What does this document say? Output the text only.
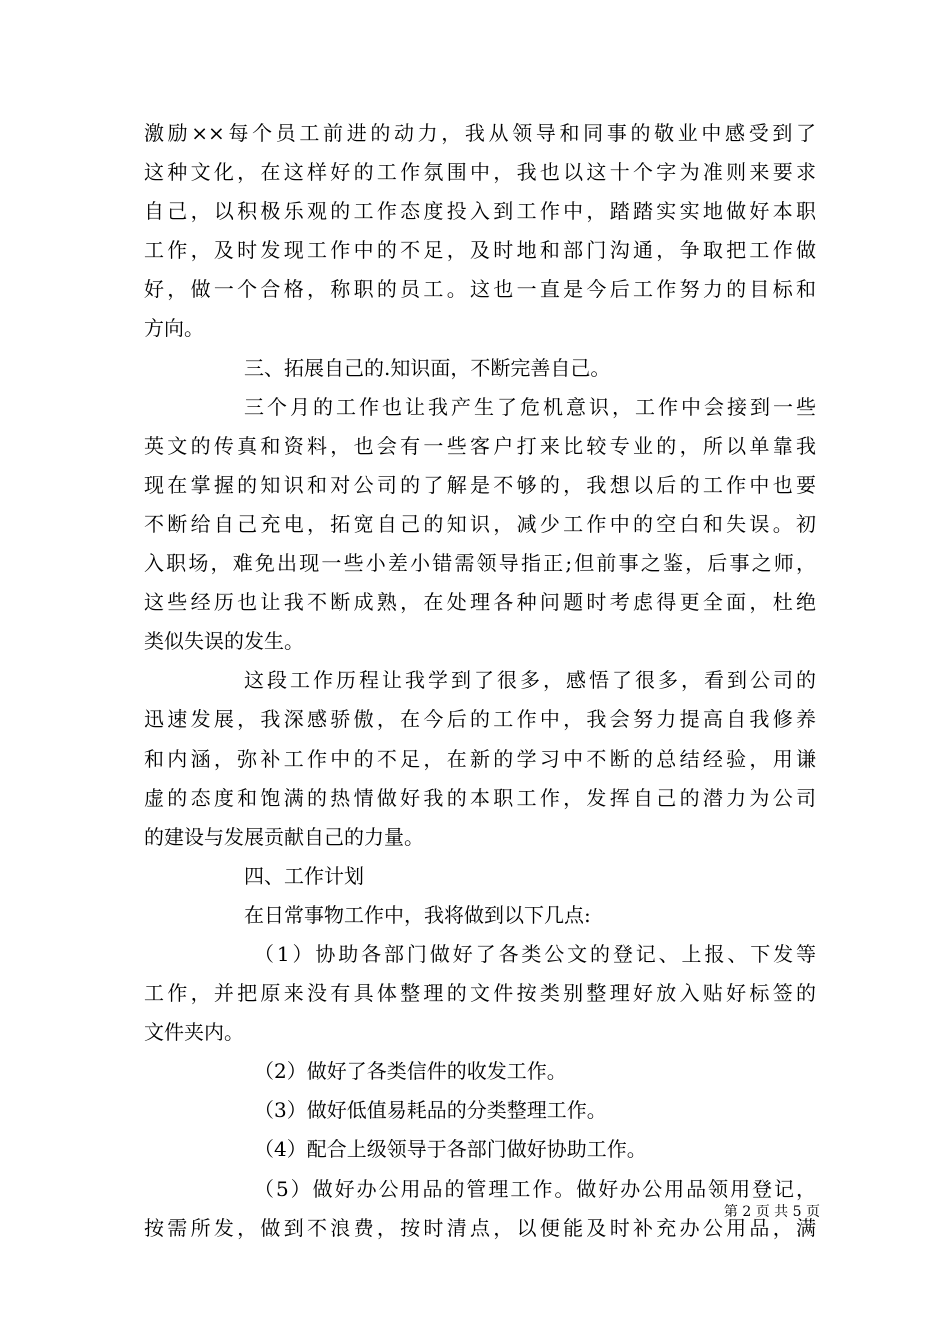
激励××每个员工前进的动力，我从领导和同事的敬业中感受到了
这种文化，在这样好的工作氛围中，我也以这十个字为准则来要求
自己，以积极乐观的工作态度投入到工作中，踏踏实实地做好本职
工作，及时发现工作中的不足，及时地和部门沟通，争取把工作做
好，做一个合格，称职的员工。这也一直是今后工作努力的目标和
方向。
三、拓展自己的.知识面，不断完善自己。
三个月的工作也让我产生了危机意识，工作中会接到一些
英文的传真和资料，也会有一些客户打来比较专业的，所以单靠我
现在掌握的知识和对公司的了解是不够的，我想以后的工作中也要
不断给自己充电，拓宽自己的知识，减少工作中的空白和失误。初
入职场，难免出现一些小差小错需领导指正;但前事之鉴，后事之师，
这些经历也让我不断成熟，在处理各种问题时考虑得更全面，杜绝
类似失误的发生。
这段工作历程让我学到了很多，感悟了很多，看到公司的
迅速发展，我深感骄傲，在今后的工作中，我会努力提高自我修养
和内涵，弥补工作中的不足，在新的学习中不断的总结经验，用谦
虚的态度和饱满的热情做好我的本职工作，发挥自己的潜力为公司
的建设与发展贡献自己的力量。
四、工作计划
在日常事物工作中，我将做到以下几点:
（1）协助各部门做好了各类公文的登记、上报、下发等
工作，并把原来没有具体整理的文件按类别整理好放入贴好标签的
文件夹内。
（2）做好了各类信件的收发工作。
（3）做好低值易耗品的分类整理工作。
（4）配合上级领导于各部门做好协助工作。
（5）做好办公用品的管理工作。做好办公用品领用登记，
按需所发，做到不浪费，按时清点，以便能及时补充办公用品，满
第 2 页 共 5 页
